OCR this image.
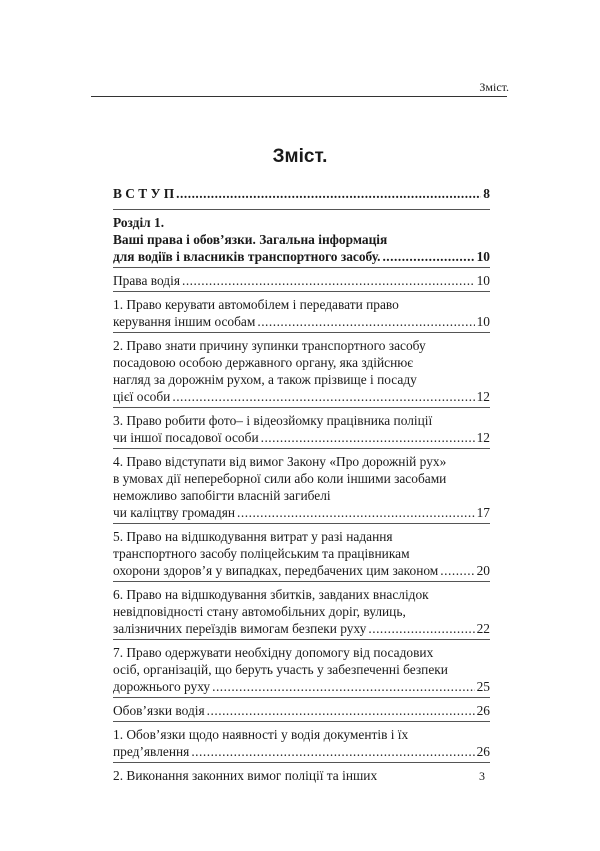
Зміст.
Зміст.
В С Т У П .....	8
Розділ 1.
Ваші права і обов’язки. Загальна інформація
для водіїв і власників транспортного засобу. .....	10
Права водія .....	10
1. Право керувати автомобілем і передавати право
керування іншим особам .....	10
2. Право знати причину зупинки транспортного засобу
посадовою особою державного органу, яка здійснює
нагляд за дорожнім рухом, а також прізвище і посаду
цієї особи .....	12
3. Право робити фото– і відеозйомку працівника поліції
чи іншої посадової особи .....	12
4. Право відступати від вимог Закону «Про дорожній рух»
в умовах дії непереборної сили або коли іншими засобами
неможливо запобігти власній загибелі
чи каліцтву громадян .....	17
5. Право на відшкодування витрат у разі надання
транспортного засобу поліцейським та працівникам
охорони здоров’я у випадках, передбачених цим законом .....	20
6. Право на відшкодування збитків, завданих внаслідок
невідповідності стану автомобільних доріг, вулиць,
залізничних переїздів вимогам безпеки руху .....	22
7. Право одержувати необхідну допомогу від посадових
осіб, організацій, що беруть участь у забезпеченні безпеки
дорожнього руху .....	25
Обов’язки водія .....	26
1. Обов’язки щодо наявності у водія документів і їх
пред’явлення .....	26
2. Виконання законних вимог поліції та інших	3
